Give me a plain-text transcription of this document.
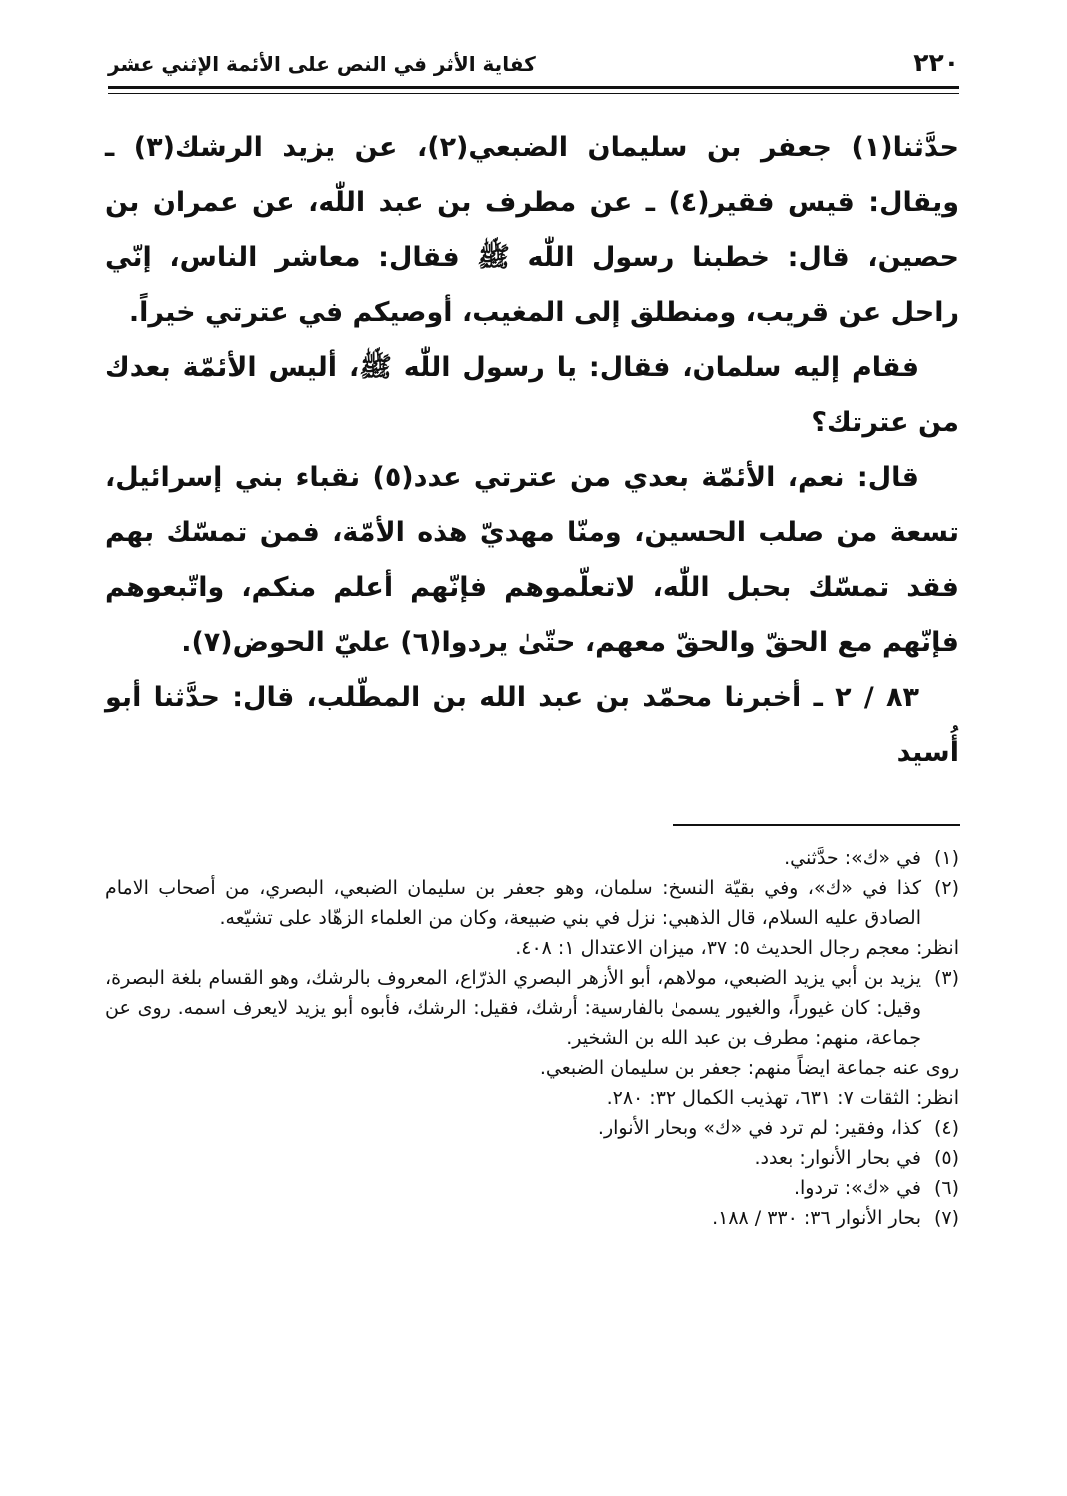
٢٢٠
كفاية الأثر في النص على الأئمة الإثني عشر

حدَّثنا(١) جعفر بن سليمان الضبعي(٢)، عن يزيد الرشك(٣) ـ ويقال: قيس فقير(٤) ـ عن مطرف بن عبد اللّٰه، عن عمران بن حصين، قال: خطبنا رسول اللّٰه ﷺ فقال: معاشر الناس، إنّي راحل عن قريب، ومنطلق إلى المغيب، أوصيكم في عترتي خيراً.

فقام إليه سلمان، فقال: يا رسول اللّٰه ﷺ، أليس الأئمّة بعدك من عترتك؟

قال: نعم، الأئمّة بعدي من عترتي عدد(٥) نقباء بني إسرائيل، تسعة من صلب الحسين، ومنّا مهديّ هذه الأمّة، فمن تمسّك بهم فقد تمسّك بحبل اللّٰه، لاتعلّموهم فإنّهم أعلم منكم، واتّبعوهم فإنّهم مع الحقّ والحقّ معهم، حتّىٰ يردوا(٦) عليّ الحوض(٧).

٨٣ / ٢ ـ أخبرنا محمّد بن عبد الله بن المطّلب، قال: حدَّثنا أبو أُسيد

(١)في «ك»: حدَّثني.

(٢)كذا في «ك»، وفي بقيّة النسخ: سلمان، وهو جعفر بن سليمان الضبعي، البصري، من أصحاب الامام الصادق عليه السلام، قال الذهبي: نزل في بني ضبيعة، وكان من العلماء الزهّاد على تشيّعه.

انظر: معجم رجال الحديث ٥: ٣٧، ميزان الاعتدال ١: ٤٠٨.

(٣)يزيد بن أبي يزيد الضبعي، مولاهم، أبو الأزهر البصري الذرّاع، المعروف بالرشك، وهو القسام بلغة البصرة، وقيل: كان غيوراً، والغيور يسمىٰ بالفارسية: أرشك، فقيل: الرشك، فأبوه أبو يزيد لايعرف اسمه. روى عن جماعة، منهم: مطرف بن عبد الله بن الشخير.

روى عنه جماعة ايضاً منهم: جعفر بن سليمان الضبعي.

انظر: الثقات ٧: ٦٣١، تهذيب الكمال ٣٢: ٢٨٠.

(٤)كذا، وفقير: لم ترد في «ك» وبحار الأنوار.

(٥)في بحار الأنوار: بعدد.

(٦)في «ك»: تردوا.

(٧)بحار الأنوار ٣٦: ٣٣٠ / ١٨٨.
